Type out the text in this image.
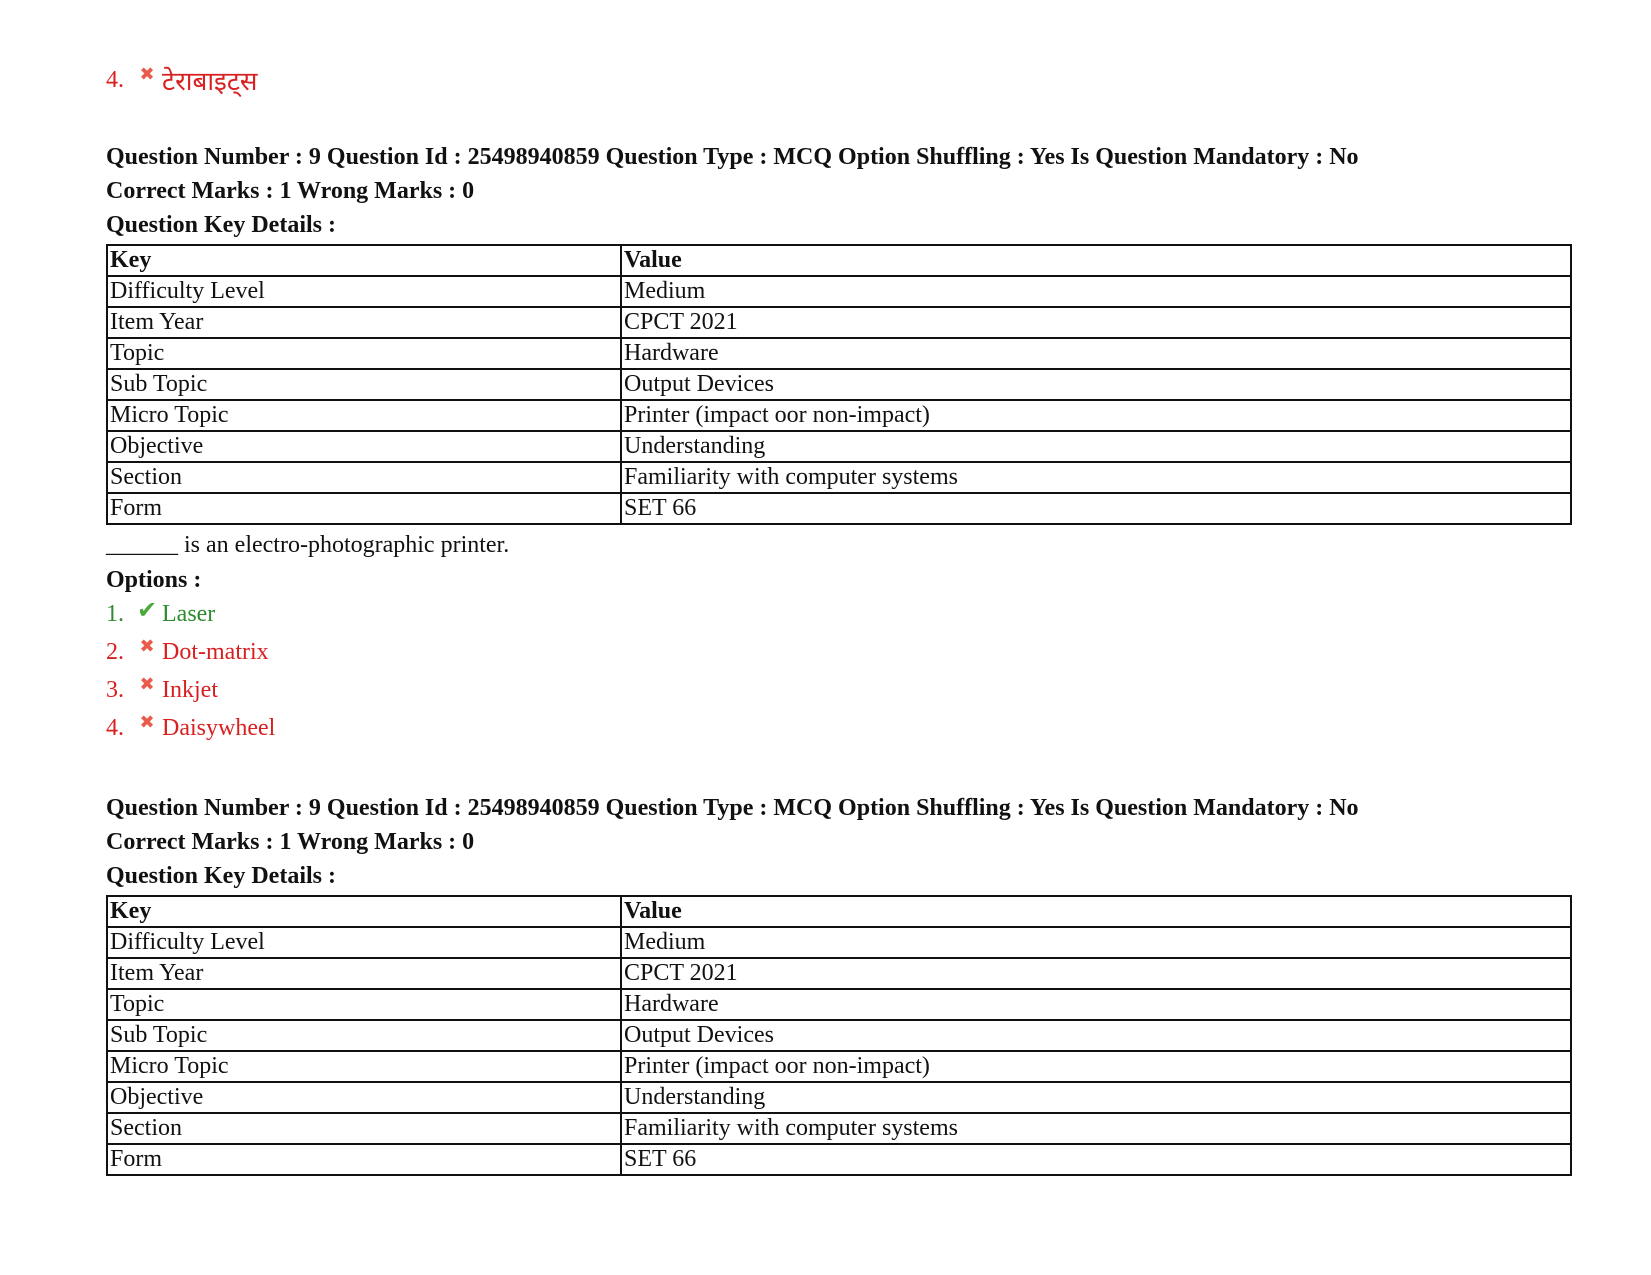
4. ✖ टेराबाइट्स
Question Number : 9 Question Id : 25498940859 Question Type : MCQ Option Shuffling : Yes Is Question Mandatory : No
Correct Marks : 1 Wrong Marks : 0
Question Key Details :
Key	Value
Difficulty Level	Medium
Item Year	CPCT 2021
Topic	Hardware
Sub Topic	Output Devices
Micro Topic	Printer (impact oor non-impact)
Objective	Understanding
Section	Familiarity with computer systems
Form	SET 66
______ is an electro-photographic printer.
Options :
1. ✔ Laser
2. ✖ Dot-matrix
3. ✖ Inkjet
4. ✖ Daisywheel
Question Number : 9 Question Id : 25498940859 Question Type : MCQ Option Shuffling : Yes Is Question Mandatory : No
Correct Marks : 1 Wrong Marks : 0
Question Key Details :
Key	Value
Difficulty Level	Medium
Item Year	CPCT 2021
Topic	Hardware
Sub Topic	Output Devices
Micro Topic	Printer (impact oor non-impact)
Objective	Understanding
Section	Familiarity with computer systems
Form	SET 66
